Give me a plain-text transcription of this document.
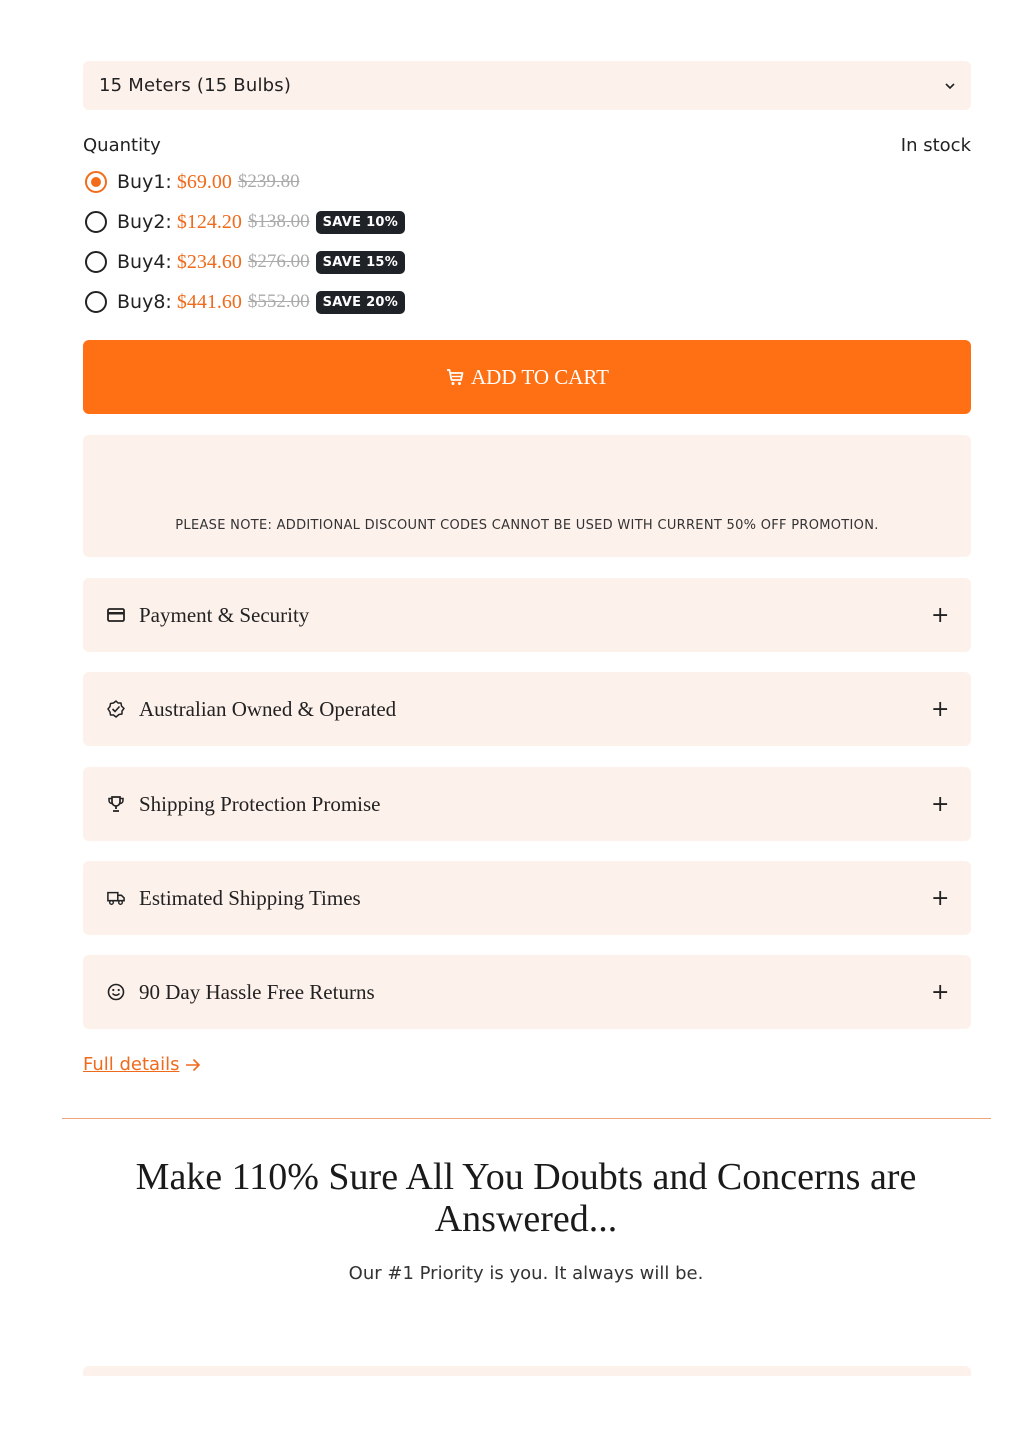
15 Meters (15 Bulbs)
Quantity	In stock
Buy1: $69.00 $239.80
Buy2: $124.20 $138.00	SAVE 10%
Buy4: $234.60 $276.00	SAVE 15%
Buy8: $441.60 $552.00	SAVE 20%
ADD TO CART
PLEASE NOTE: ADDITIONAL DISCOUNT CODES CANNOT BE USED WITH CURRENT 50% OFF PROMOTION.
Payment & Security	+
Australian Owned & Operated	+
Shipping Protection Promise	+
Estimated Shipping Times	+
90 Day Hassle Free Returns	+
Full details
Make 110% Sure All You Doubts and Concerns are Answered...
Our #1 Priority is you. It always will be.
